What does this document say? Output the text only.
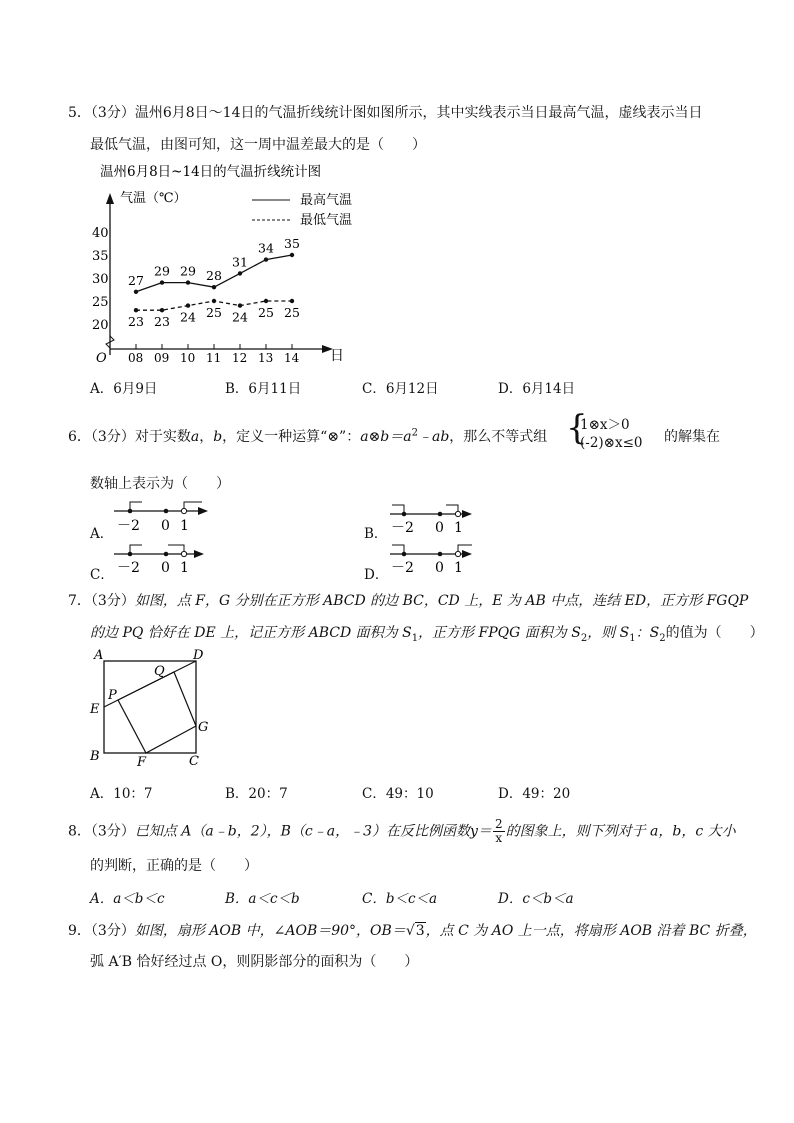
5．（3分）温州6月8日～14日的气温折线统计图如图所示，其中实线表示当日最高气温，虚线表示当日
最低气温，由图可知，这一周中温差最大的是（　　）
温州6月8日~14日的气温折线统计图
气温（℃）
日
O
20
25
30
35
40
08 09 10 11 12 13 14
27
29 29 28
31
34 35
23 23 24 25 24 25 25
最高气温
最低气温
A．6月9日	B．6月11日	C．6月12日	D．6月14日
6．（3分）对于实数a，b，定义一种运算“⊗”：$a\otimes b=a^2﹣ab$，那么不等式组 {
1⊗x＞0
(-2)⊗x≤0 的解集在
数轴上表示为（　　）
A． －2 0 1	B． －2 0 1
C． －2 0 1	D． －2 0 1
7．（3分）如图，点 F，G 分别在正方形 ABCD 的边 BC，CD 上，E 为 AB 中点，连结 ED，正方形 FGQP
的边 PQ 恰好在 DE 上，记正方形 ABCD 面积为 $S_1$，正方形 FPQG 面积为 $S_2$，则 $S_1$：$S_2$的值为（　　）
A	D
Q
P
E
G
B	F	C
A．10：7	B．20：7	C．49：10	D．49：20
8．（3分）已知点 A（a﹣b，2），B（c﹣a，﹣3）在反比例函数$y= \frac{2}{x}$ 的图象上，则下列对于 a，b，c 大小
的判断，正确的是（　　）
A．a＜b＜c	B．a＜c＜b	C．b＜c＜a	D．c＜b＜a
9．（3分）如图，扇形 AOB 中，∠AOB＝90°，OB＝√3，点 C 为 AO 上一点，将扇形 AOB 沿着 BC 折叠，
弧 A′B 恰好经过点 O，则阴影部分的面积为（　　）
